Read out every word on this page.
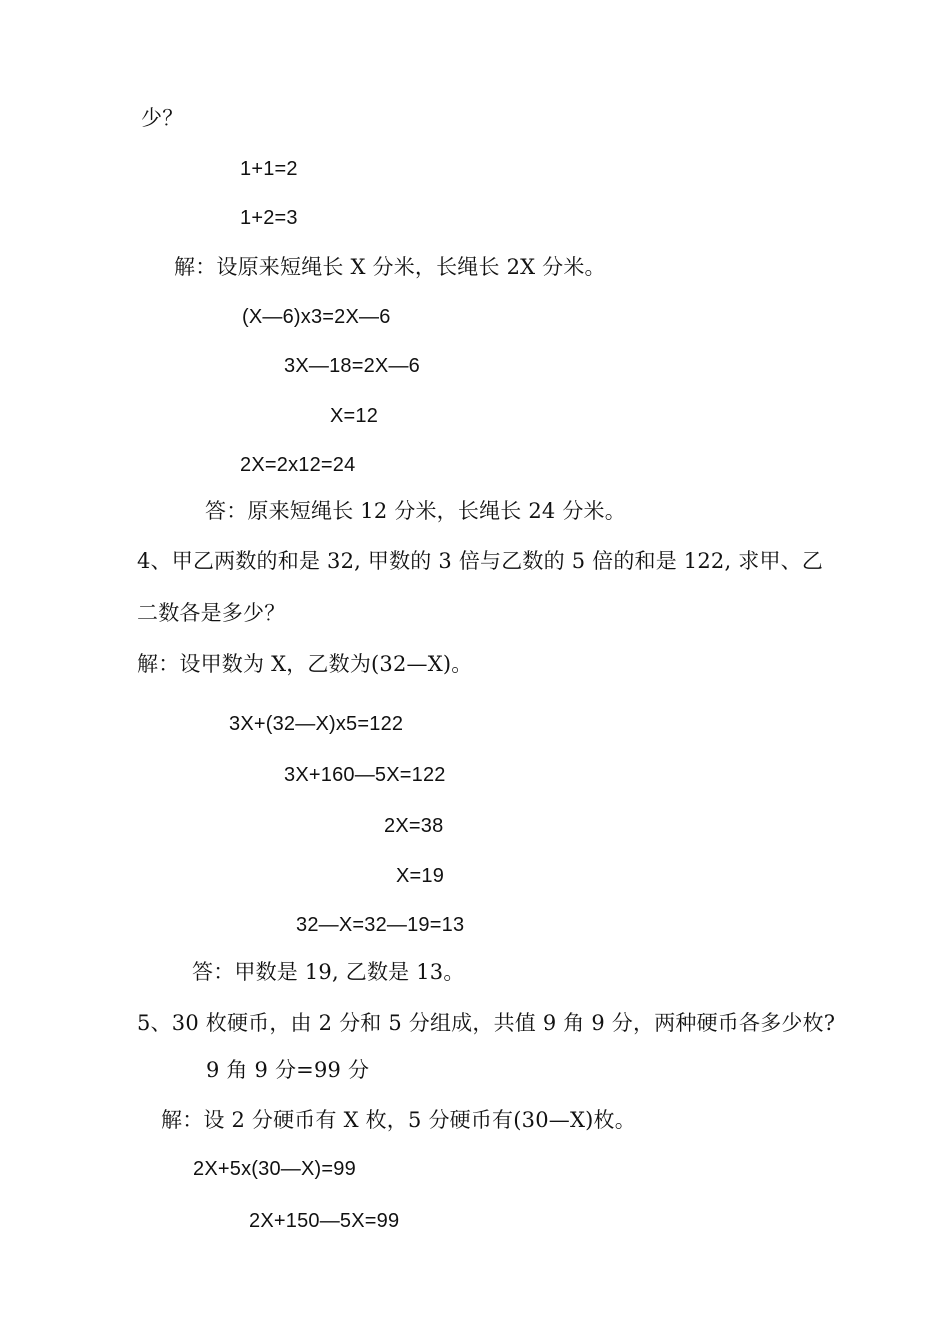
少？
1+1=2
1+2=3
解：设原来短绳长 X 分米，长绳长 2X 分米。
(X—6)x3=2X—6
3X—18=2X—6
X=12
2X=2x12=24
答：原来短绳长 12 分米，长绳长 24 分米。
4、甲乙两数的和是 32, 甲数的 3 倍与乙数的 5 倍的和是 122, 求甲、乙
二数各是多少？
解：设甲数为 X，乙数为(32—X)。
3X+(32—X)x5=122
3X+160—5X=122
2X=38
X=19
32—X=32—19=13
答：甲数是 19, 乙数是 13。
5、30 枚硬币，由 2 分和 5 分组成，共值 9 角 9 分，两种硬币各多少枚?
9 角 9 分=99 分
解：设 2 分硬币有 X 枚，5 分硬币有(30—X)枚。
2X+5x(30—X)=99
2X+150—5X=99
